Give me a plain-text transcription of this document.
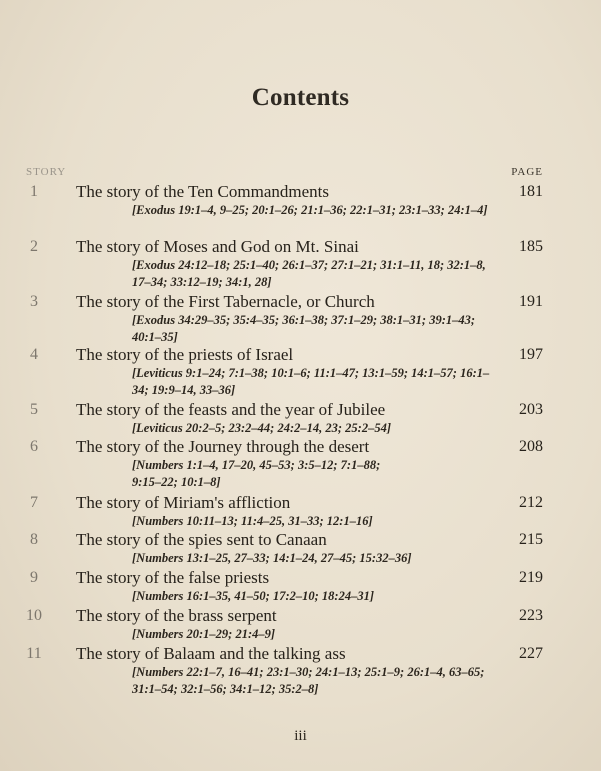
Contents
STORY	PAGE
1	The story of the Ten Commandments	181
[Exodus 19:1–4, 9–25; 20:1–26; 21:1–36; 22:1–31; 23:1–33; 24:1–4]
2	The story of Moses and God on Mt. Sinai	185
[Exodus 24:12–18; 25:1–40; 26:1–37; 27:1–21; 31:1–11, 18; 32:1–8, 17–34; 33:12–19; 34:1, 28]
3	The story of the First Tabernacle, or Church	191
[Exodus 34:29–35; 35:4–35; 36:1–38; 37:1–29; 38:1–31; 39:1–43; 40:1–35]
4	The story of the priests of Israel	197
[Leviticus 9:1–24; 7:1–38; 10:1–6; 11:1–47; 13:1–59; 14:1–57; 16:1–34; 19:9–14, 33–36]
5	The story of the feasts and the year of Jubilee	203
[Leviticus 20:2–5; 23:2–44; 24:2–14, 23; 25:2–54]
6	The story of the Journey through the desert	208
[Numbers 1:1–4, 17–20, 45–53; 3:5–12; 7:1–88; 9:15–22; 10:1–8]
7	The story of Miriam's affliction	212
[Numbers 10:11–13; 11:4–25, 31–33; 12:1–16]
8	The story of the spies sent to Canaan	215
[Numbers 13:1–25, 27–33; 14:1–24, 27–45; 15:32–36]
9	The story of the false priests	219
[Numbers 16:1–35, 41–50; 17:2–10; 18:24–31]
10 The story of the brass serpent	223
[Numbers 20:1–29; 21:4–9]
11 The story of Balaam and the talking ass	227
[Numbers 22:1–7, 16–41; 23:1–30; 24:1–13; 25:1–9; 26:1–4, 63–65; 31:1–54; 32:1–56; 34:1–12; 35:2–8]
iii
